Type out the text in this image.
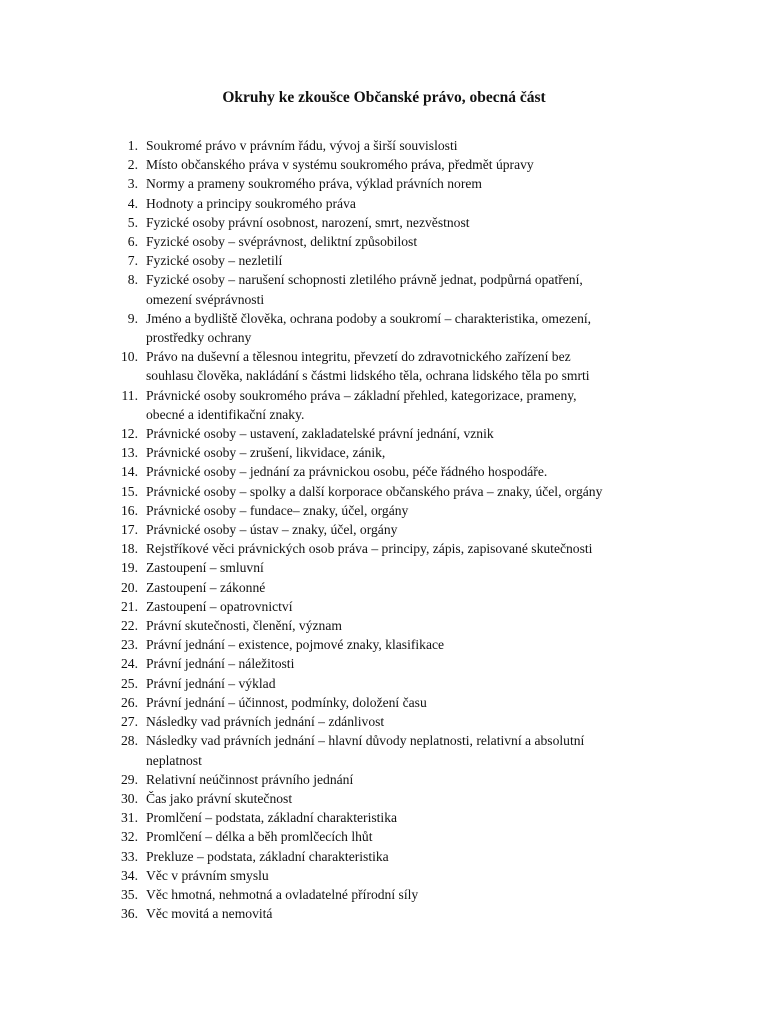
Okruhy ke zkoušce Občanské právo, obecná část
1. Soukromé právo v právním řádu, vývoj a širší souvislosti
2. Místo občanského práva v systému soukromého práva, předmět úpravy
3. Normy a prameny soukromého práva, výklad právních norem
4. Hodnoty a principy soukromého práva
5. Fyzické osoby právní osobnost, narození, smrt, nezvěstnost
6. Fyzické osoby – svéprávnost, deliktní způsobilost
7. Fyzické osoby – nezletilí
8. Fyzické osoby – narušení schopnosti zletilého právně jednat, podpůrná opatření,
omezení svéprávnosti
9. Jméno a bydliště člověka, ochrana podoby a soukromí – charakteristika, omezení,
prostředky ochrany
10. Právo na duševní a tělesnou integritu, převzetí do zdravotnického zařízení bez
souhlasu člověka, nakládání s částmi lidského těla, ochrana lidského těla po smrti
11. Právnické osoby soukromého práva – základní přehled, kategorizace, prameny,
obecné a identifikační znaky.
12. Právnické osoby – ustavení, zakladatelské právní jednání, vznik
13. Právnické osoby – zrušení, likvidace, zánik,
14. Právnické osoby – jednání za právnickou osobu, péče řádného hospodáře.
15. Právnické osoby – spolky a další korporace občanského práva – znaky, účel, orgány
16. Právnické osoby – fundace– znaky, účel, orgány
17. Právnické osoby – ústav – znaky, účel, orgány
18. Rejstříkové věci právnických osob práva – principy, zápis, zapisované skutečnosti
19. Zastoupení – smluvní
20. Zastoupení – zákonné
21. Zastoupení – opatrovnictví
22. Právní skutečnosti, členění, význam
23. Právní jednání – existence, pojmové znaky, klasifikace
24. Právní jednání – náležitosti
25. Právní jednání – výklad
26. Právní jednání – účinnost, podmínky, doložení času
27. Následky vad právních jednání – zdánlivost
28. Následky vad právních jednání – hlavní důvody neplatnosti, relativní a absolutní
neplatnost
29. Relativní neúčinnost právního jednání
30. Čas jako právní skutečnost
31. Promlčení – podstata, základní charakteristika
32. Promlčení – délka a běh promlčecích lhůt
33. Prekluze – podstata, základní charakteristika
34. Věc v právním smyslu
35. Věc hmotná, nehmotná a ovladatelné přírodní síly
36. Věc movitá a nemovitá
